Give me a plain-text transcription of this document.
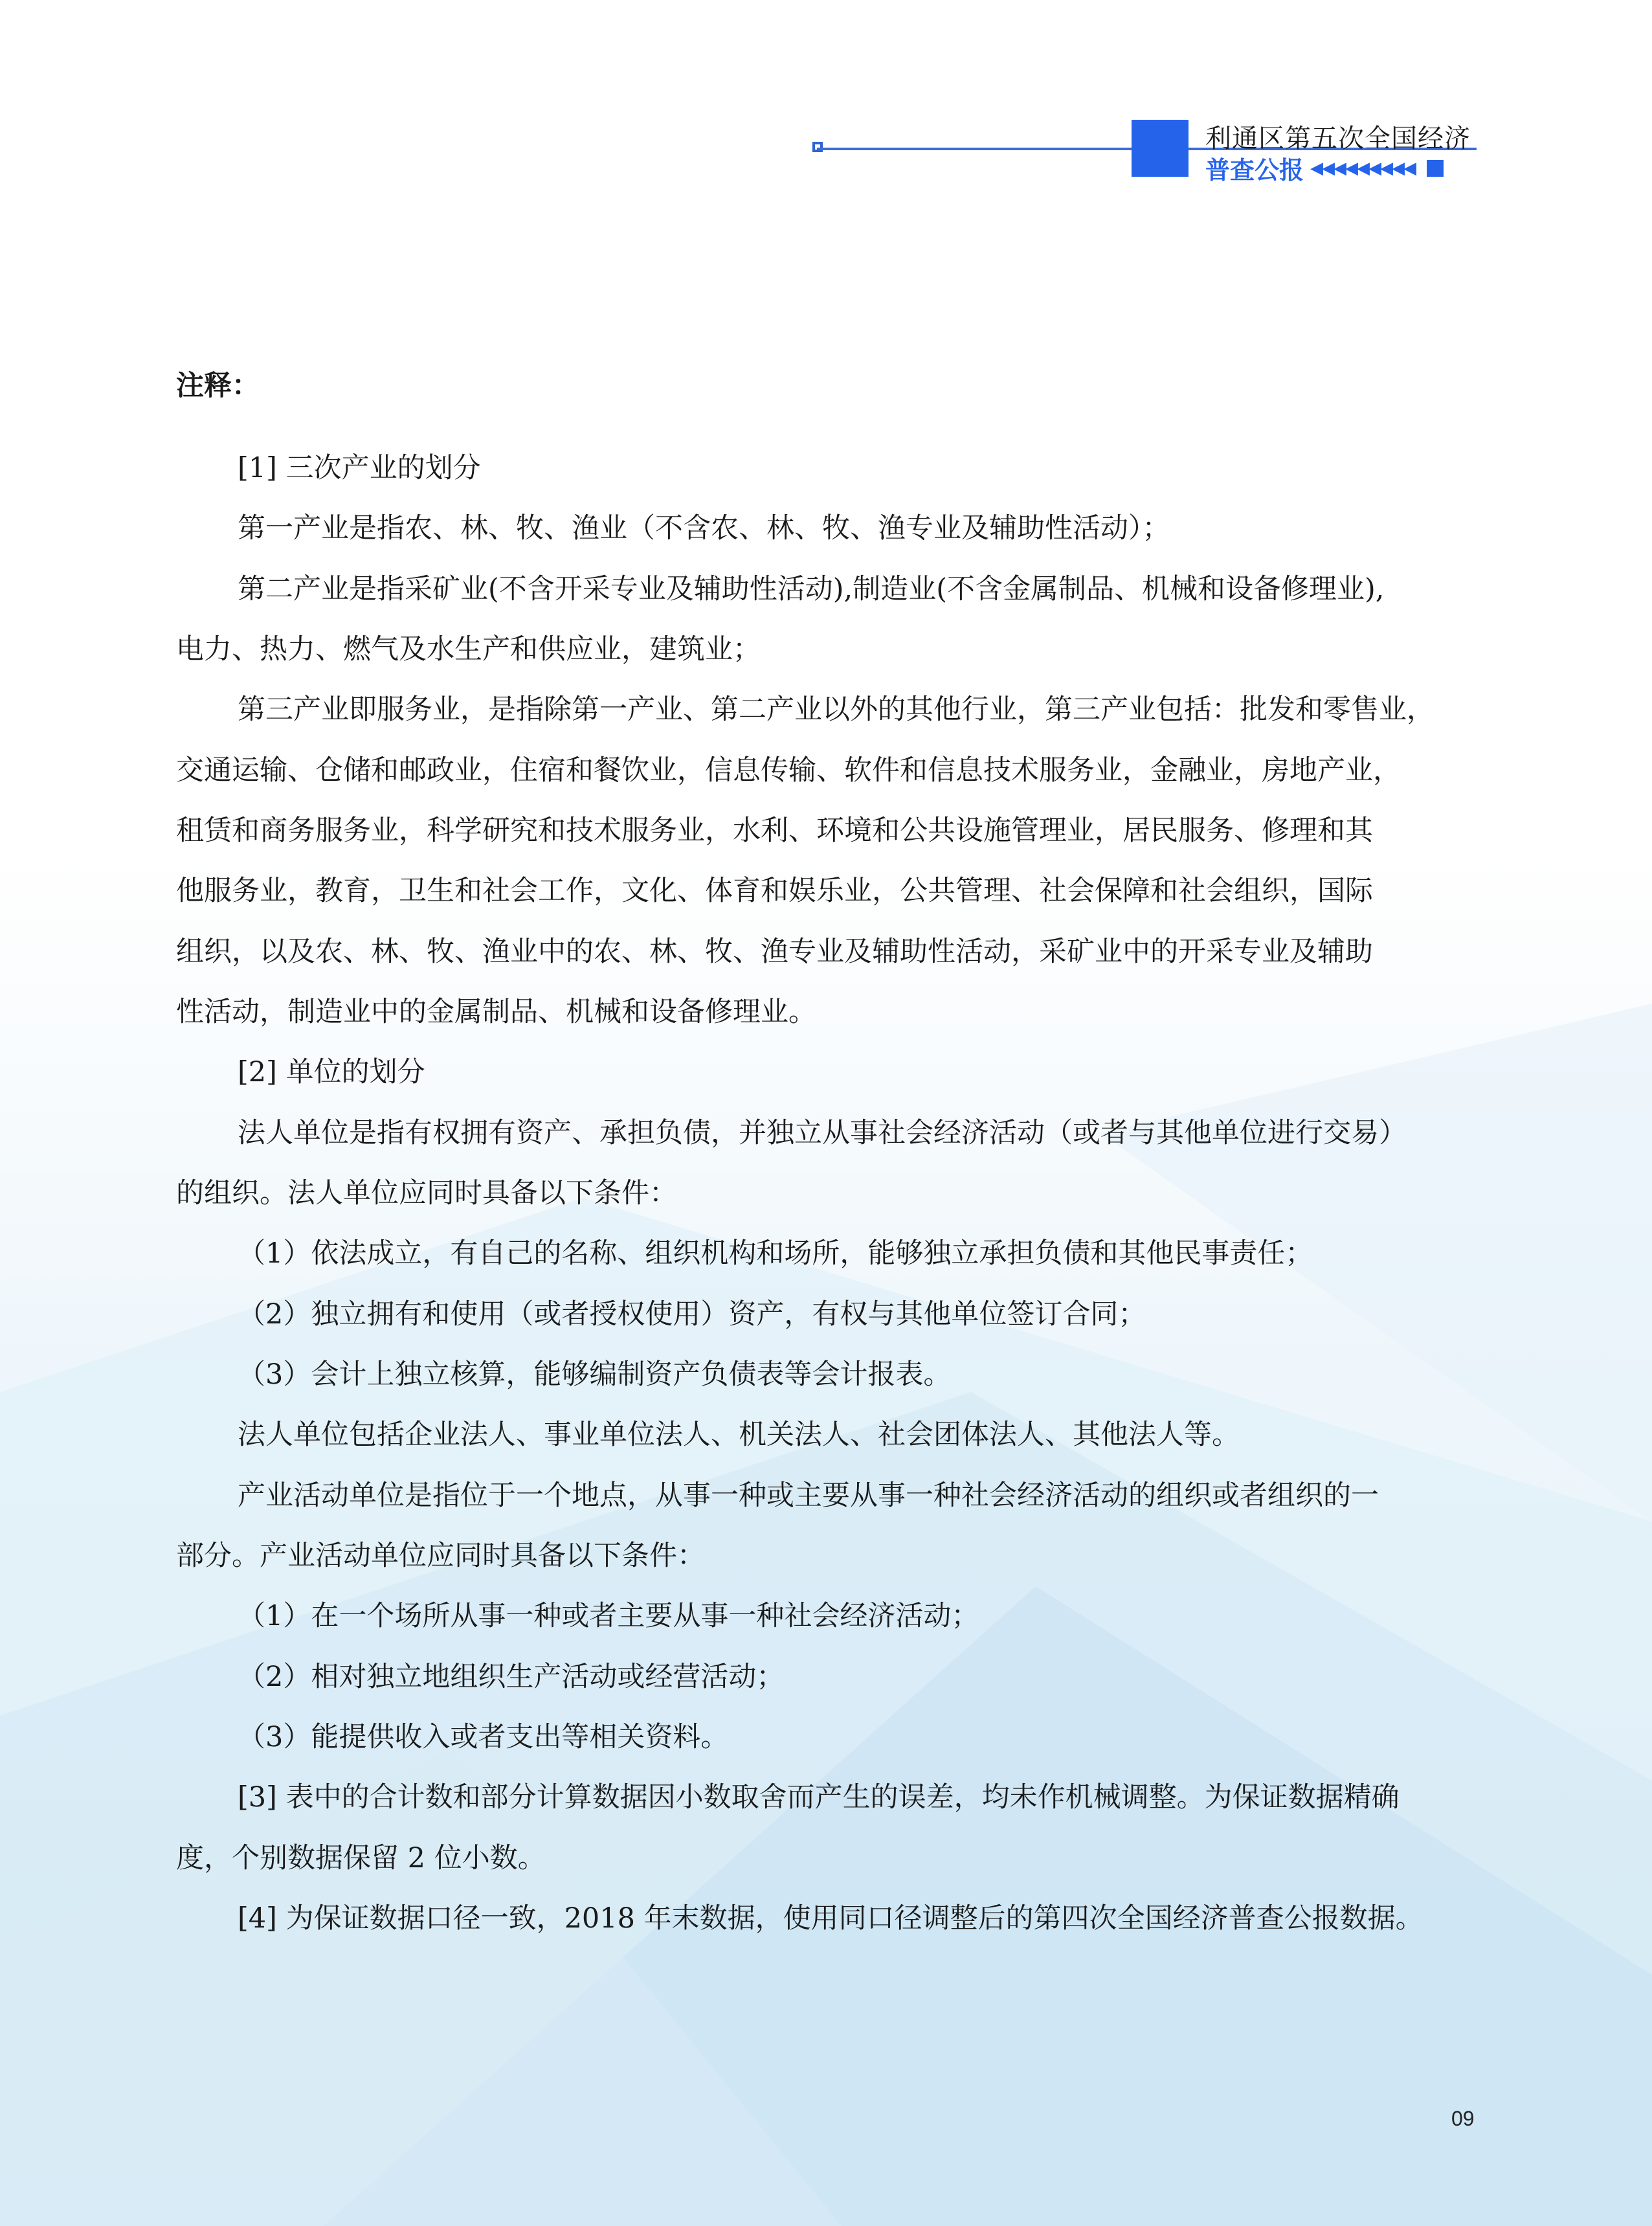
利通区第五次全国经济
普查公报 ◀◀◀◀◀◀◀◀◀
注释：
[1] 三次产业的划分
第一产业是指农、林、牧、渔业（不含农、林、牧、渔专业及辅助性活动）；
第二产业是指采矿业(不含开采专业及辅助性活动),制造业(不含金属制品、机械和设备修理业),
电力、热力、燃气及水生产和供应业，建筑业；
第三产业即服务业，是指除第一产业、第二产业以外的其他行业，第三产业包括：批发和零售业，
交通运输、仓储和邮政业，住宿和餐饮业，信息传输、软件和信息技术服务业，金融业，房地产业，
租赁和商务服务业，科学研究和技术服务业，水利、环境和公共设施管理业，居民服务、修理和其
他服务业，教育，卫生和社会工作，文化、体育和娱乐业，公共管理、社会保障和社会组织，国际
组织，以及农、林、牧、渔业中的农、林、牧、渔专业及辅助性活动，采矿业中的开采专业及辅助
性活动，制造业中的金属制品、机械和设备修理业。
[2] 单位的划分
法人单位是指有权拥有资产、承担负债，并独立从事社会经济活动（或者与其他单位进行交易）
的组织。法人单位应同时具备以下条件：
（1）依法成立，有自己的名称、组织机构和场所，能够独立承担负债和其他民事责任；
（2）独立拥有和使用（或者授权使用）资产，有权与其他单位签订合同；
（3）会计上独立核算，能够编制资产负债表等会计报表。
法人单位包括企业法人、事业单位法人、机关法人、社会团体法人、其他法人等。
产业活动单位是指位于一个地点，从事一种或主要从事一种社会经济活动的组织或者组织的一
部分。产业活动单位应同时具备以下条件：
（1）在一个场所从事一种或者主要从事一种社会经济活动；
（2）相对独立地组织生产活动或经营活动；
（3）能提供收入或者支出等相关资料。
[3] 表中的合计数和部分计算数据因小数取舍而产生的误差，均未作机械调整。为保证数据精确
度，个别数据保留 2 位小数。
[4] 为保证数据口径一致，2018 年末数据，使用同口径调整后的第四次全国经济普查公报数据。
09
